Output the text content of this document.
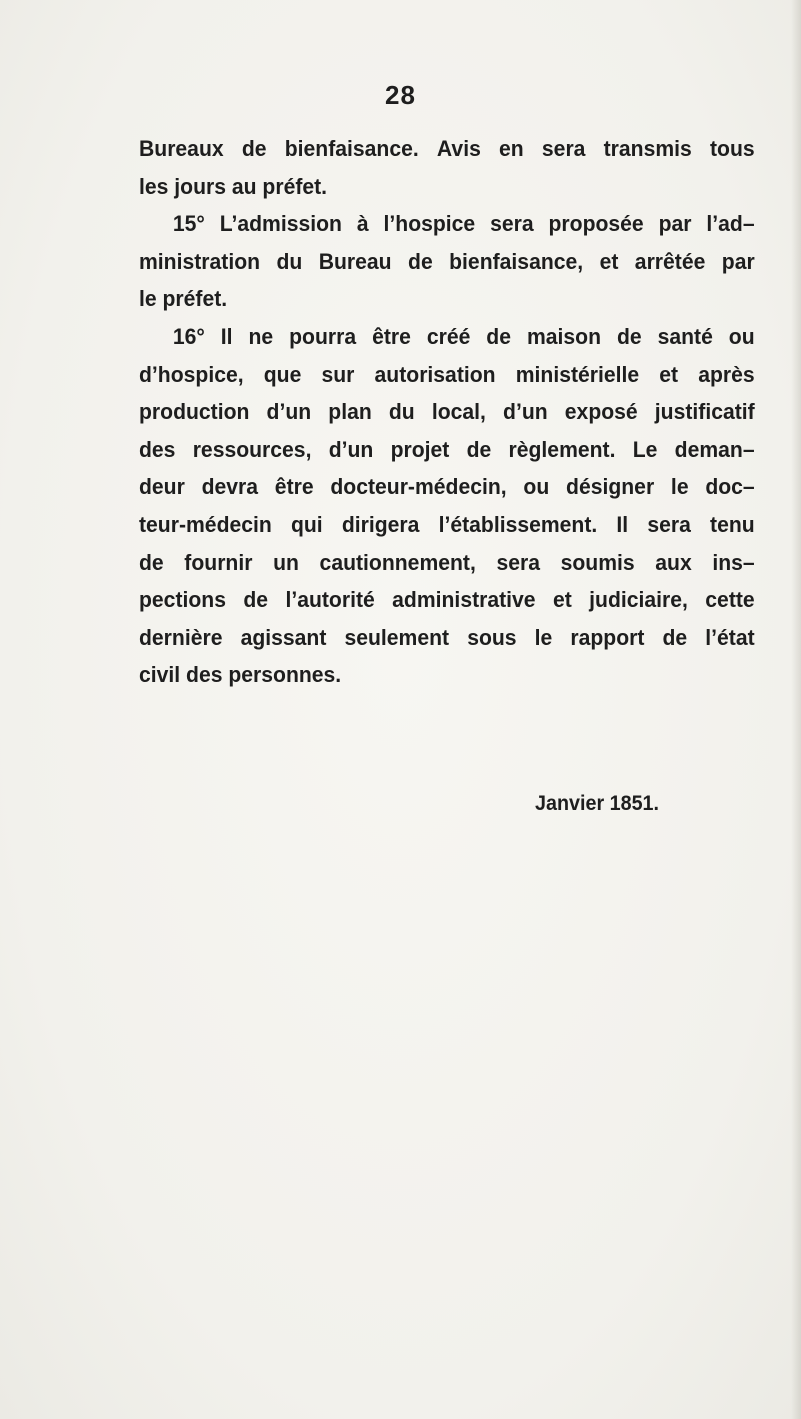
28
Bureaux de bienfaisance. Avis en sera transmis tous
les jours au préfet.
15° L’admission à l’hospice sera proposée par l’ad–
ministration du Bureau de bienfaisance, et arrêtée par
le préfet.
16° Il ne pourra être créé de maison de santé ou
d’hospice, que sur autorisation ministérielle et après
production d’un plan du local, d’un exposé justificatif
des ressources, d’un projet de règlement. Le deman–
deur devra être docteur-médecin, ou désigner le doc–
teur-médecin qui dirigera l’établissement. Il sera tenu
de fournir un cautionnement, sera soumis aux ins–
pections de l’autorité administrative et judiciaire, cette
dernière agissant seulement sous le rapport de l’état
civil des personnes.
Janvier 1851.
